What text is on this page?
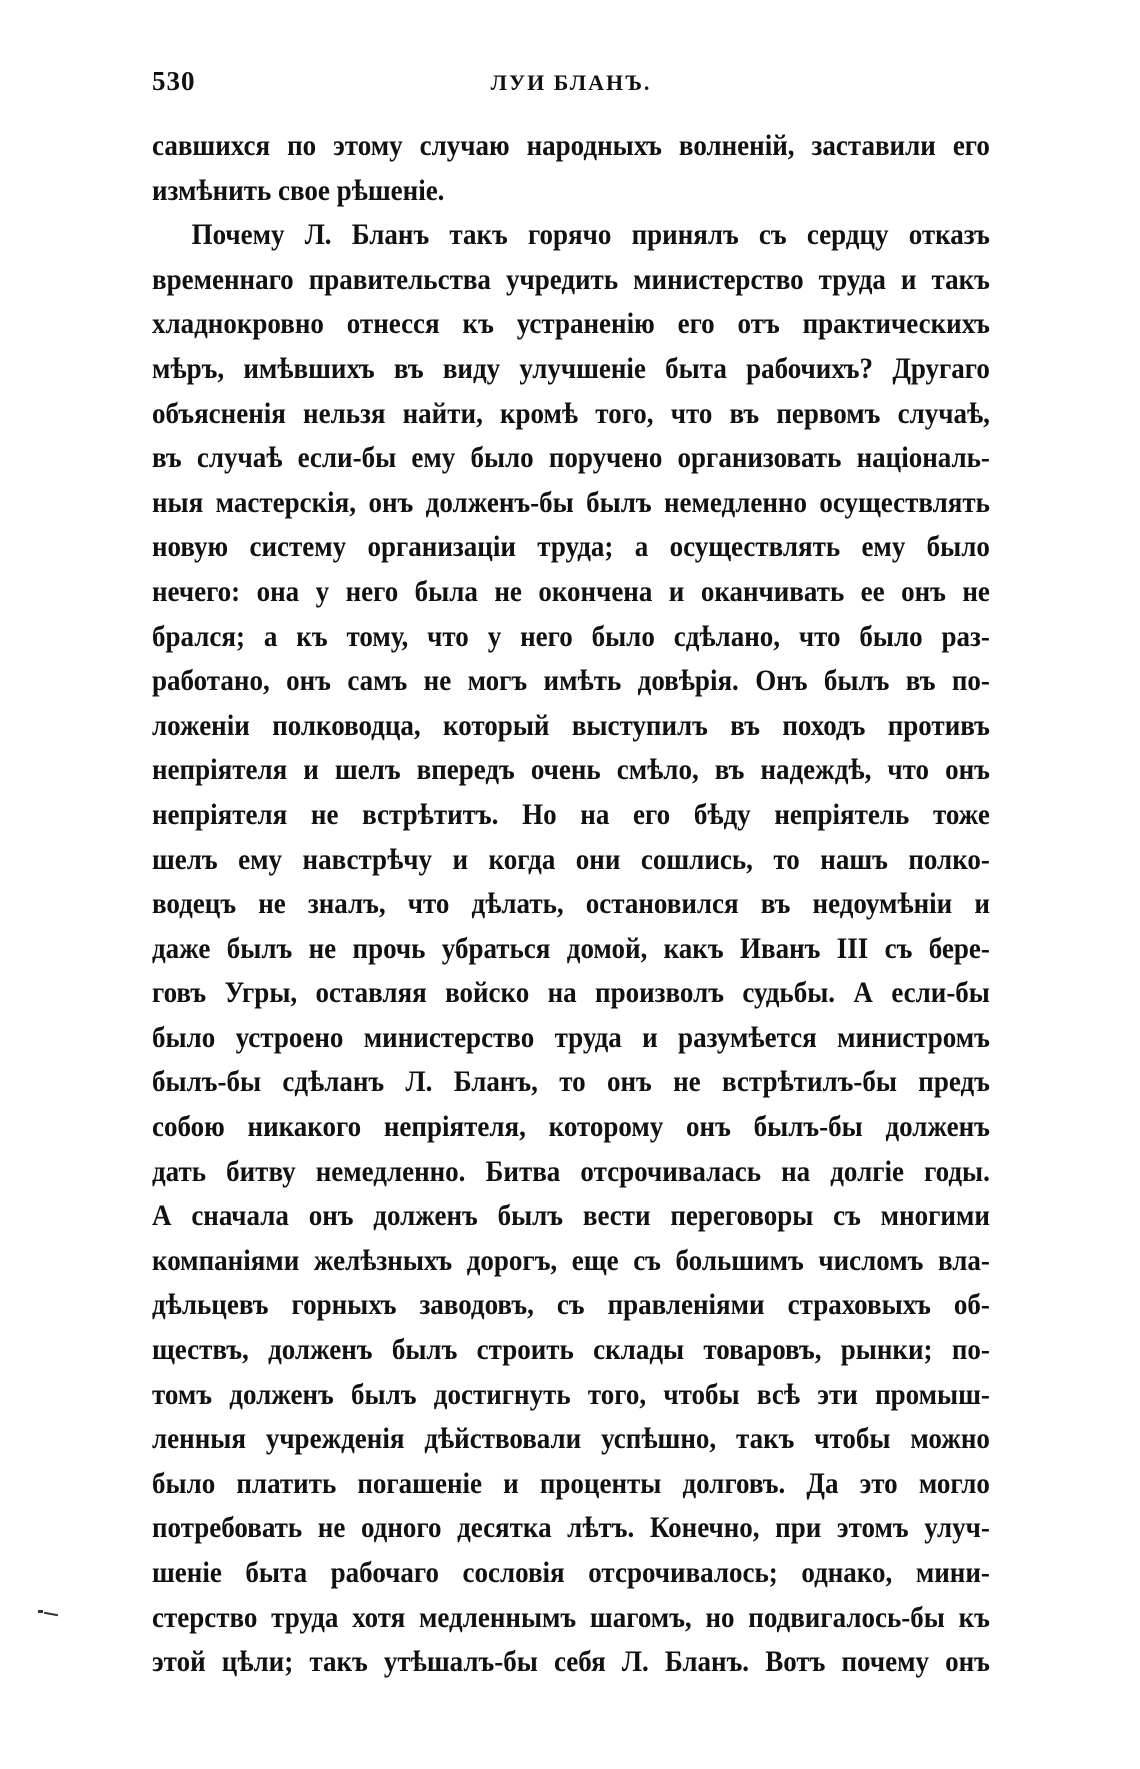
530	ЛУИ БЛАНЪ.
савшихся по этому случаю народныхъ волненій, заставили его
измѣнить свое рѣшеніе.
Почему Л. Бланъ такъ горячо принялъ съ сердцу отказъ
временнаго правительства учредить министерство труда и такъ
хладнокровно отнесся къ устраненію его отъ практическихъ
мѣръ, имѣвшихъ въ виду улучшеніе быта рабочихъ? Другаго
объясненія нельзя найти, кромѣ того, что въ первомъ случаѣ,
въ случаѣ если-бы ему было поручено организовать національ-
ныя мастерскія, онъ долженъ-бы былъ немедленно осуществлять
новую систему организаціи труда; а осуществлять ему было
нечего: она у него была не окончена и оканчивать ее онъ не
брался; а къ тому, что у него было сдѣлано, что было раз-
работано, онъ самъ не могъ имѣть довѣрія. Онъ былъ въ по-
ложеніи полководца, который выступилъ въ походъ противъ
непріятеля и шелъ впередъ очень смѣло, въ надеждѣ, что онъ
непріятеля не встрѣтитъ. Но на его бѣду непріятель тоже
шелъ ему навстрѣчу и когда они сошлись, то нашъ полко-
водецъ не зналъ, что дѣлать, остановился въ недоумѣніи и
даже былъ не прочь убраться домой, какъ Иванъ III съ бере-
говъ Угры, оставляя войско на произволъ судьбы. А если-бы
было устроено министерство труда и разумѣется министромъ
былъ-бы сдѣланъ Л. Бланъ, то онъ не встрѣтилъ-бы предъ
собою никакого непріятеля, которому онъ былъ-бы долженъ
дать битву немедленно. Битва отсрочивалась на долгіе годы.
А сначала онъ долженъ былъ вести переговоры съ многими
компаніями желѣзныхъ дорогъ, еще съ большимъ числомъ вла-
дѣльцевъ горныхъ заводовъ, съ правленіями страховыхъ об-
ществъ, долженъ былъ строить склады товаровъ, рынки; по-
томъ долженъ былъ достигнуть того, чтобы всѣ эти промыш-
ленныя учрежденія дѣйствовали успѣшно, такъ чтобы можно
было платить погашеніе и проценты долговъ. Да это могло
потребовать не одного десятка лѣтъ. Конечно, при этомъ улуч-
шеніе быта рабочаго сословія отсрочивалось; однако, мини-
стерство труда хотя медленнымъ шагомъ, но подвигалось-бы къ
этой цѣли; такъ утѣшалъ-бы себя Л. Бланъ. Вотъ почему онъ
